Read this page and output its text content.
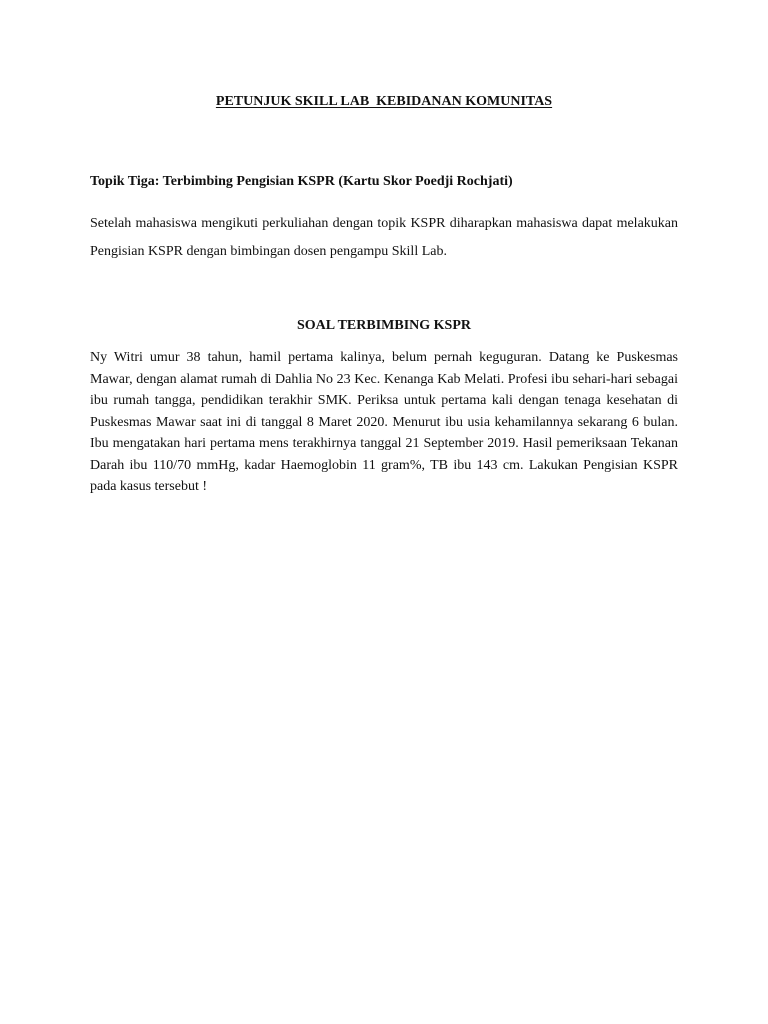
PETUNJUK SKILL LAB  KEBIDANAN KOMUNITAS
Topik Tiga: Terbimbing Pengisian KSPR (Kartu Skor Poedji Rochjati)

Setelah mahasiswa mengikuti perkuliahan dengan topik KSPR diharapkan mahasiswa dapat melakukan Pengisian KSPR dengan bimbingan dosen pengampu Skill Lab.

SOAL TERBIMBING KSPR

Ny Witri umur 38 tahun, hamil pertama kalinya, belum pernah keguguran. Datang ke Puskesmas Mawar, dengan alamat rumah di Dahlia No 23 Kec. Kenanga Kab Melati. Profesi ibu sehari-hari sebagai ibu rumah tangga, pendidikan terakhir SMK. Periksa untuk pertama kali dengan tenaga kesehatan di Puskesmas Mawar saat ini di tanggal 8 Maret 2020. Menurut ibu usia kehamilannya sekarang 6 bulan. Ibu mengatakan hari pertama mens terakhirnya tanggal 21 September 2019. Hasil pemeriksaan Tekanan Darah ibu 110/70 mmHg, kadar Haemoglobin 11 gram%, TB ibu 143 cm. Lakukan Pengisian KSPR pada kasus tersebut !
